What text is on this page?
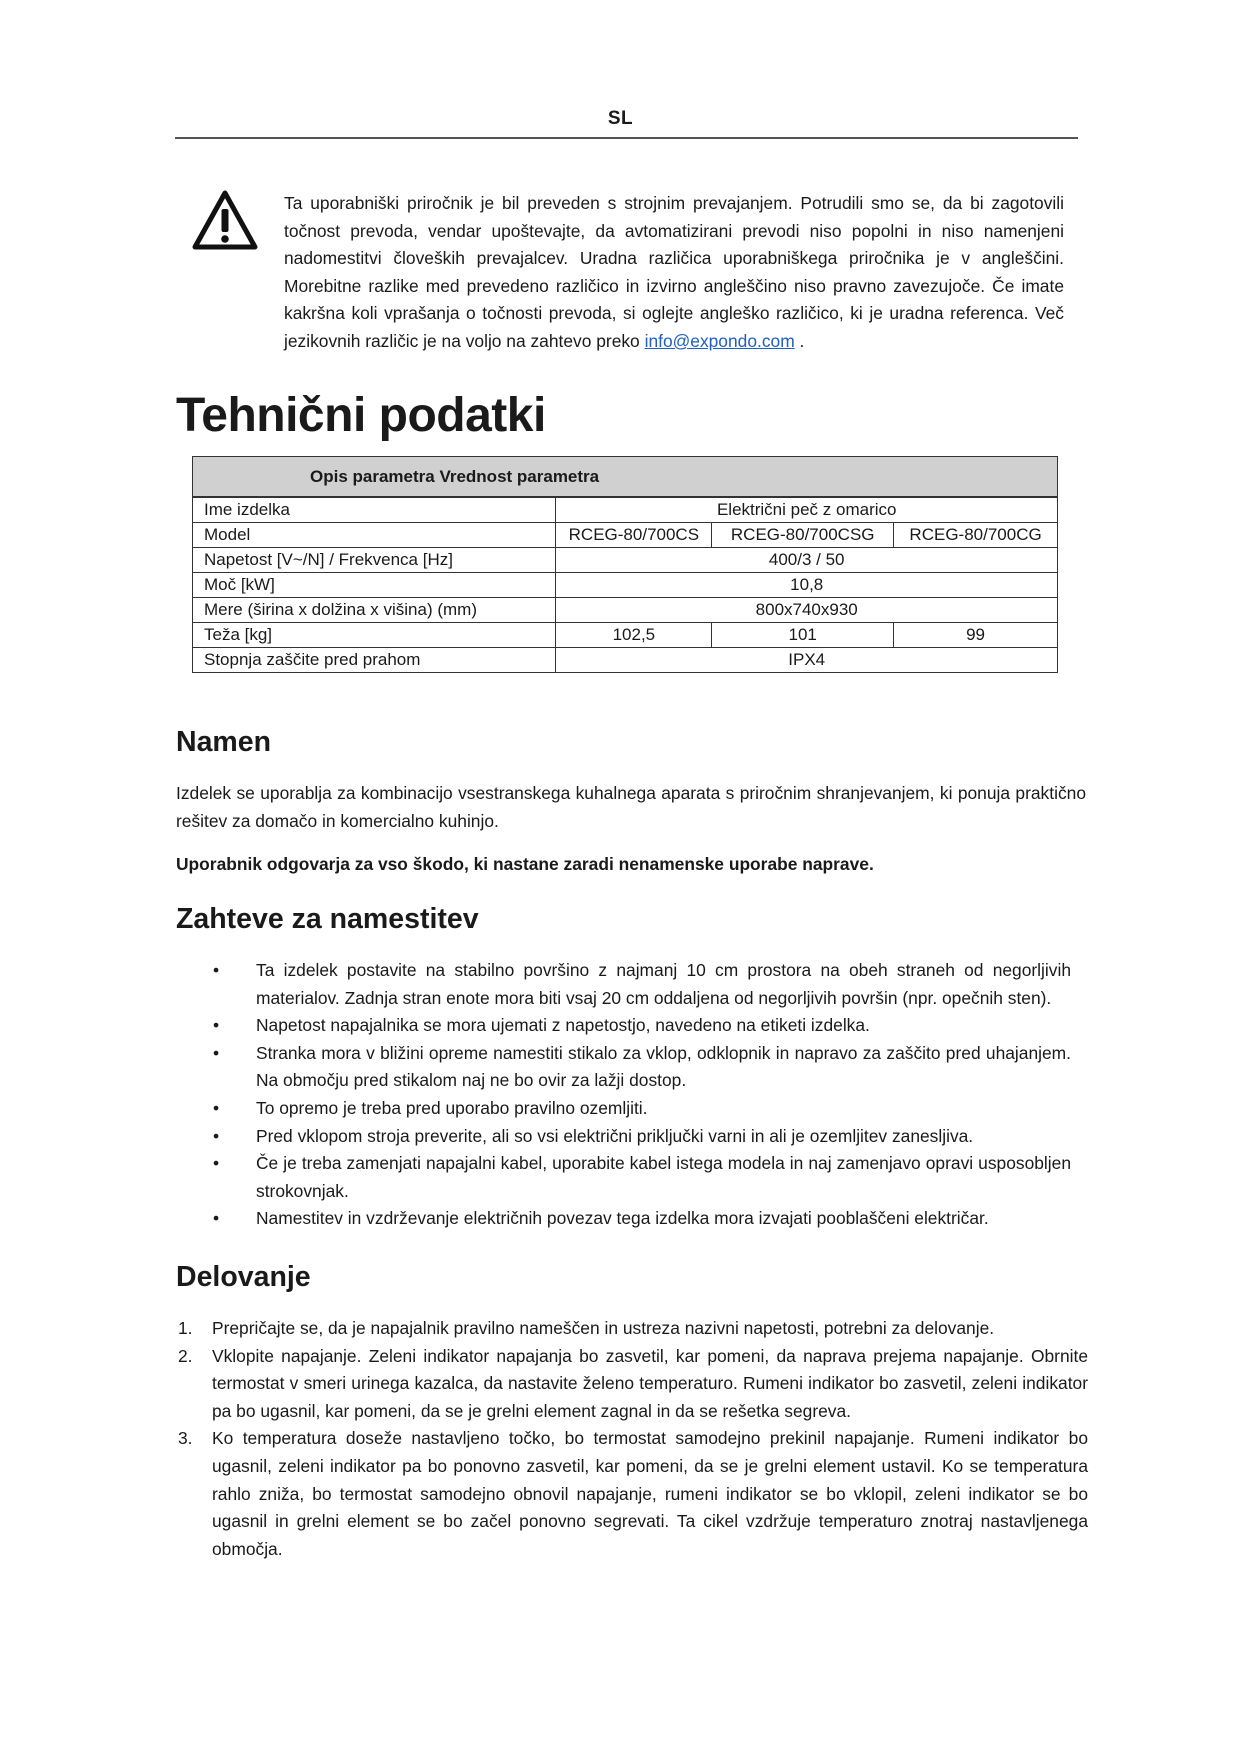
SL

Ta uporabniški priročnik je bil preveden s strojnim prevajanjem. Potrudili smo se, da bi zagotovili točnost prevoda, vendar upoštevajte, da avtomatizirani prevodi niso popolni in niso namenjeni nadomestitvi človeških prevajalcev. Uradna različica uporabniškega priročnika je v angleščini. Morebitne razlike med prevedeno različico in izvirno angleščino niso pravno zavezujoče. Če imate kakršna koli vprašanja o točnosti prevoda, si oglejte angleško različico, ki je uradna referenca. Več jezikovnih različic je na voljo na zahtevo preko info@expondo.com .

Tehnični podatki
Opis parametra Vrednost parametra			
Ime izdelka	Električni peč z omarico		
Model	RCEG-80/700CS	RCEG-80/700CSG	RCEG-80/700CG
Napetost [V~/N] / Frekvenca [Hz]	400/3 / 50		
Moč [kW]	10,8		
Mere (širina x dolžina x višina) (mm)	800x740x930		
Teža [kg]	102,5	101	99
Stopnja zaščite pred prahom	IPX4		
Namen

Izdelek se uporablja za kombinacijo vsestranskega kuhalnega aparata s priročnim shranjevanjem, ki ponuja praktično rešitev za domačo in komercialno kuhinjo.

Uporabnik odgovarja za vso škodo, ki nastane zaradi nenamenske uporabe naprave.

Zahteve za namestitev
• Ta izdelek postavite na stabilno površino z najmanj 10 cm prostora na obeh straneh od negorljivih materialov. Zadnja stran enote mora biti vsaj 20 cm oddaljena od negorljivih površin (npr. opečnih sten).
• Napetost napajalnika se mora ujemati z napetostjo, navedeno na etiketi izdelka.
• Stranka mora v bližini opreme namestiti stikalo za vklop, odklopnik in napravo za zaščito pred uhajanjem. Na območju pred stikalom naj ne bo ovir za lažji dostop.
• To opremo je treba pred uporabo pravilno ozemljiti.
• Pred vklopom stroja preverite, ali so vsi električni priključki varni in ali je ozemljitev zanesljiva.
• Če je treba zamenjati napajalni kabel, uporabite kabel istega modela in naj zamenjavo opravi usposobljen strokovnjak.
• Namestitev in vzdrževanje električnih povezav tega izdelka mora izvajati pooblaščeni električar.
Delovanje
1. Prepričajte se, da je napajalnik pravilno nameščen in ustreza nazivni napetosti, potrebni za delovanje.
2. Vklopite napajanje. Zeleni indikator napajanja bo zasvetil, kar pomeni, da naprava prejema napajanje. Obrnite termostat v smeri urinega kazalca, da nastavite želeno temperaturo. Rumeni indikator bo zasvetil, zeleni indikator pa bo ugasnil, kar pomeni, da se je grelni element zagnal in da se rešetka segreva.
3. Ko temperatura doseže nastavljeno točko, bo termostat samodejno prekinil napajanje. Rumeni indikator bo ugasnil, zeleni indikator pa bo ponovno zasvetil, kar pomeni, da se je grelni element ustavil. Ko se temperatura rahlo zniža, bo termostat samodejno obnovil napajanje, rumeni indikator se bo vklopil, zeleni indikator se bo ugasnil in grelni element se bo začel ponovno segrevati. Ta cikel vzdržuje temperaturo znotraj nastavljenega območja.
